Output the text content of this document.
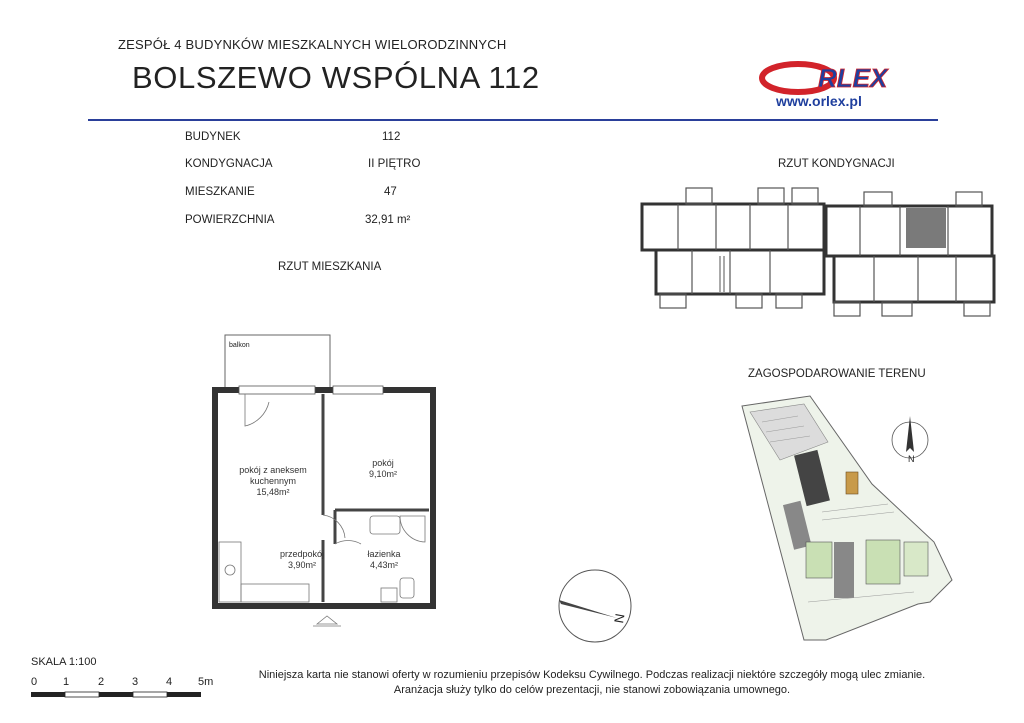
ZESPÓŁ 4 BUDYNKÓW MIESZKALNYCH WIELORODZINNYCH
BOLSZEWO WSPÓLNA 112	RLEX
www.orlex.pl
BUDYNEK	112
KONDYGNACJA	II PIĘTRO
MIESZKANIE	47
POWIERZCHNIA	32,91 m²
RZUT MIESZKANIA
RZUT KONDYGNACJI
ZAGOSPODAROWANIE TERENU
balkon
pokój z aneksem
kuchennym
15,48m²
pokój
9,10m²
przedpokój
3,90m²
łazienka
4,43m²
N
N
SKALA 1:100
0 1	2	3	4 5m
Niniejsza karta nie stanowi oferty w rozumieniu przepisów Kodeksu Cywilnego. Podczas realizacji niektóre szczegóły mogą ulec zmianie.
Aranżacja służy tylko do celów prezentacji, nie stanowi zobowiązania umownego.
